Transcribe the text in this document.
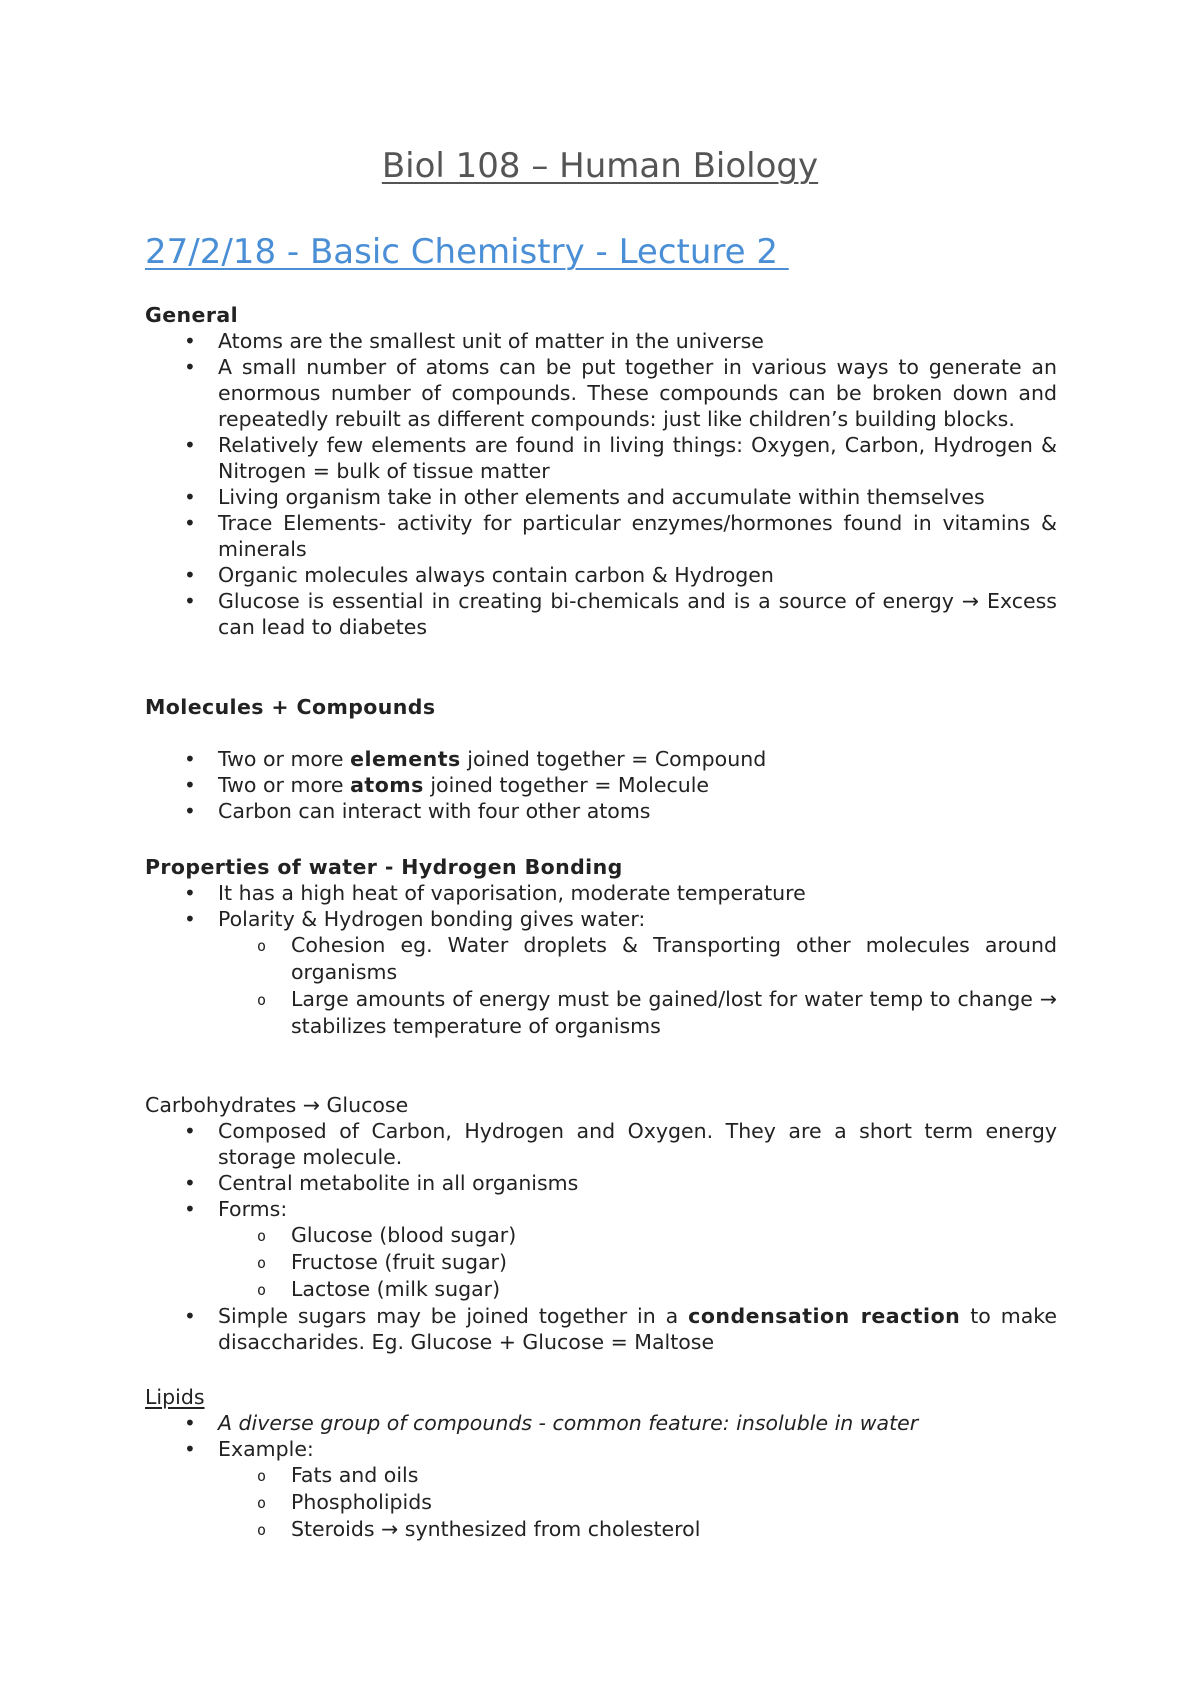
Biol 108 – Human Biology
27/2/18 - Basic Chemistry - Lecture 2
General
• Atoms are the smallest unit of matter in the universe
• A small number of atoms can be put together in various ways to generate an enormous number of compounds. These compounds can be broken down and repeatedly rebuilt as different compounds: just like children’s building blocks.
• Relatively few elements are found in living things: Oxygen, Carbon, Hydrogen & Nitrogen = bulk of tissue matter
• Living organism take in other elements and accumulate within themselves
• Trace Elements- activity for particular enzymes/hormones found in vitamins & minerals
• Organic molecules always contain carbon & Hydrogen
• Glucose is essential in creating bi-chemicals and is a source of energy → Excess can lead to diabetes
Molecules + Compounds
• Two or more elements joined together = Compound
• Two or more atoms joined together = Molecule
• Carbon can interact with four other atoms
Properties of water - Hydrogen Bonding
• It has a high heat of vaporisation, moderate temperature
• Polarity & Hydrogen bonding gives water:
o Cohesion eg. Water droplets & Transporting other molecules around organisms
o Large amounts of energy must be gained/lost for water temp to change → stabilizes temperature of organisms
Carbohydrates → Glucose
• Composed of Carbon, Hydrogen and Oxygen. They are a short term energy storage molecule.
• Central metabolite in all organisms
• Forms:
o Glucose (blood sugar)
o Fructose (fruit sugar)
o Lactose (milk sugar)
• Simple sugars may be joined together in a condensation reaction to make disaccharides. Eg. Glucose + Glucose = Maltose
Lipids
• A diverse group of compounds - common feature: insoluble in water
• Example:
o Fats and oils
o Phospholipids
o Steroids → synthesized from cholesterol
